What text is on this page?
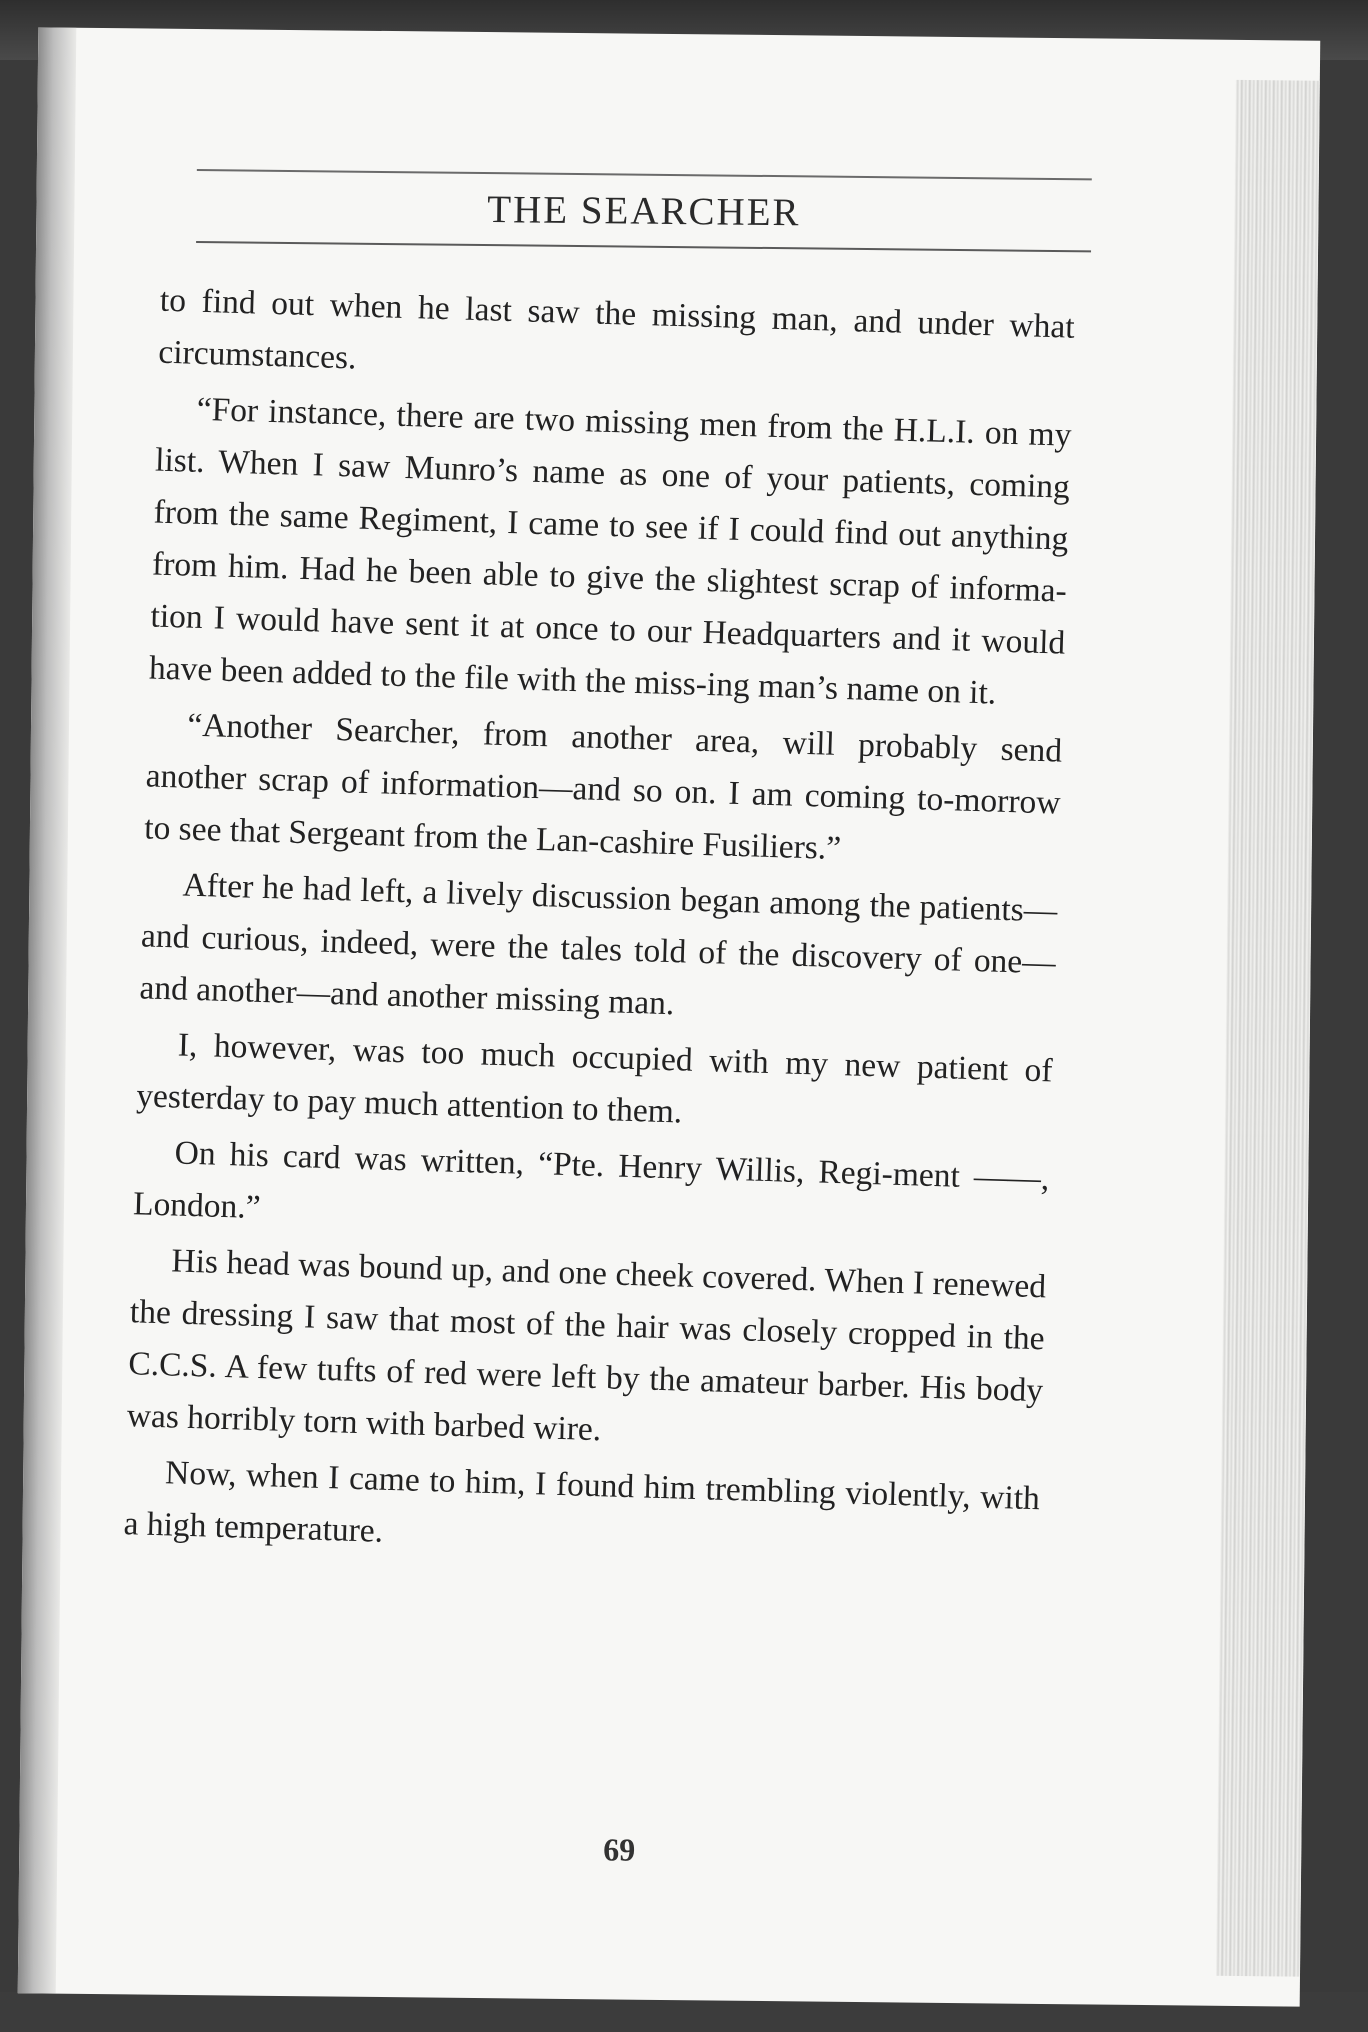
THE SEARCHER

to find out when he last saw the missing man, and under what circumstances.

“For instance, there are two missing men from the H.L.I. on my list. When I saw Munro’s name as one of your patients, coming from the same Regiment, I came to see if I could find out anything from him. Had he been able to give the slightest scrap of informa-tion I would have sent it at once to our Headquarters and it would have been added to the file with the miss-ing man’s name on it.

“Another Searcher, from another area, will probably send another scrap of information—and so on. I am coming to-morrow to see that Sergeant from the Lan-cashire Fusiliers.”

After he had left, a lively discussion began among the patients—and curious, indeed, were the tales told of the discovery of one—and another—and another missing man.

I, however, was too much occupied with my new patient of yesterday to pay much attention to them.

On his card was written, “Pte. Henry Willis, Regi-ment ——, London.”

His head was bound up, and one cheek covered. When I renewed the dressing I saw that most of the hair was closely cropped in the C.C.S. A few tufts of red were left by the amateur barber. His body was horribly torn with barbed wire.

Now, when I came to him, I found him trembling violently, with a high temperature.

69
